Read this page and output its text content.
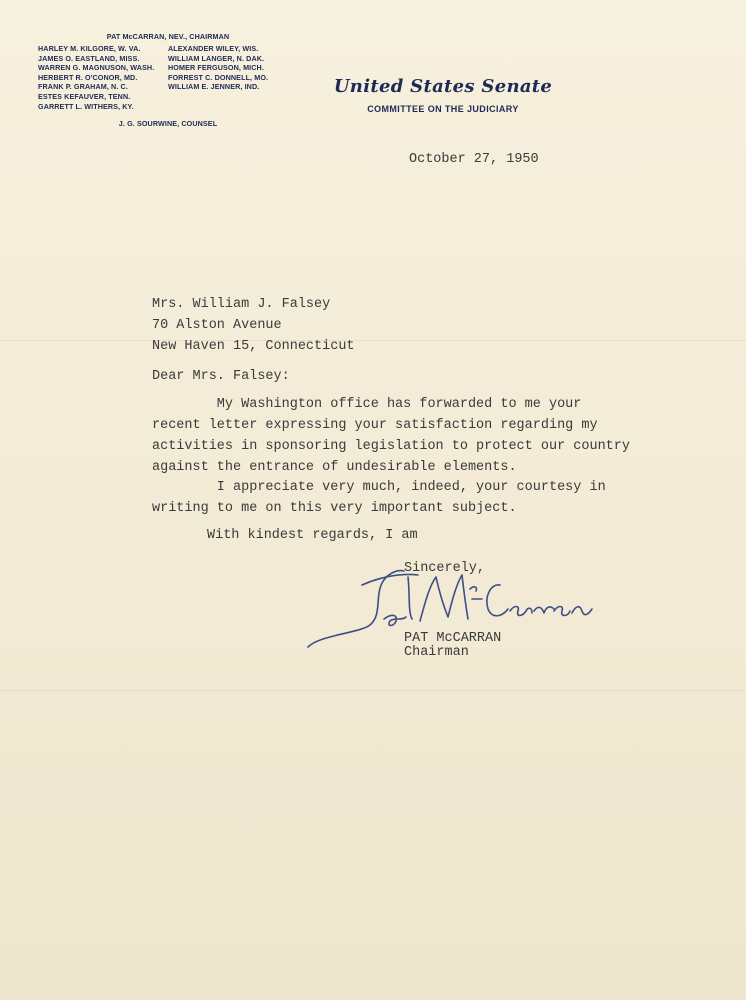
PAT McCARRAN, NEV., CHAIRMAN
HARLEY M. KILGORE, W. VA.
JAMES O. EASTLAND, MISS.
WARREN G. MAGNUSON, WASH.
HERBERT R. O'CONOR, MD.
FRANK P. GRAHAM, N. C.
ESTES KEFAUVER, TENN.
GARRETT L. WITHERS, KY.
ALEXANDER WILEY, WIS.
WILLIAM LANGER, N. DAK.
HOMER FERGUSON, MICH.
FORREST C. DONNELL, MO.
WILLIAM E. JENNER, IND.
J. G. SOURWINE, COUNSEL
United States Senate
COMMITTEE ON THE JUDICIARY
October 27, 1950
Mrs. William J. Falsey
70 Alston Avenue
New Haven 15, Connecticut
Dear Mrs. Falsey:
My Washington office has forwarded to me your
recent letter expressing your satisfaction regarding my
activities in sponsoring legislation to protect our country
against the entrance of undesirable elements.
I appreciate very much, indeed, your courtesy in
writing to me on this very important subject.
With kindest regards, I am
Sincerely,
PAT McCARRAN
Chairman
